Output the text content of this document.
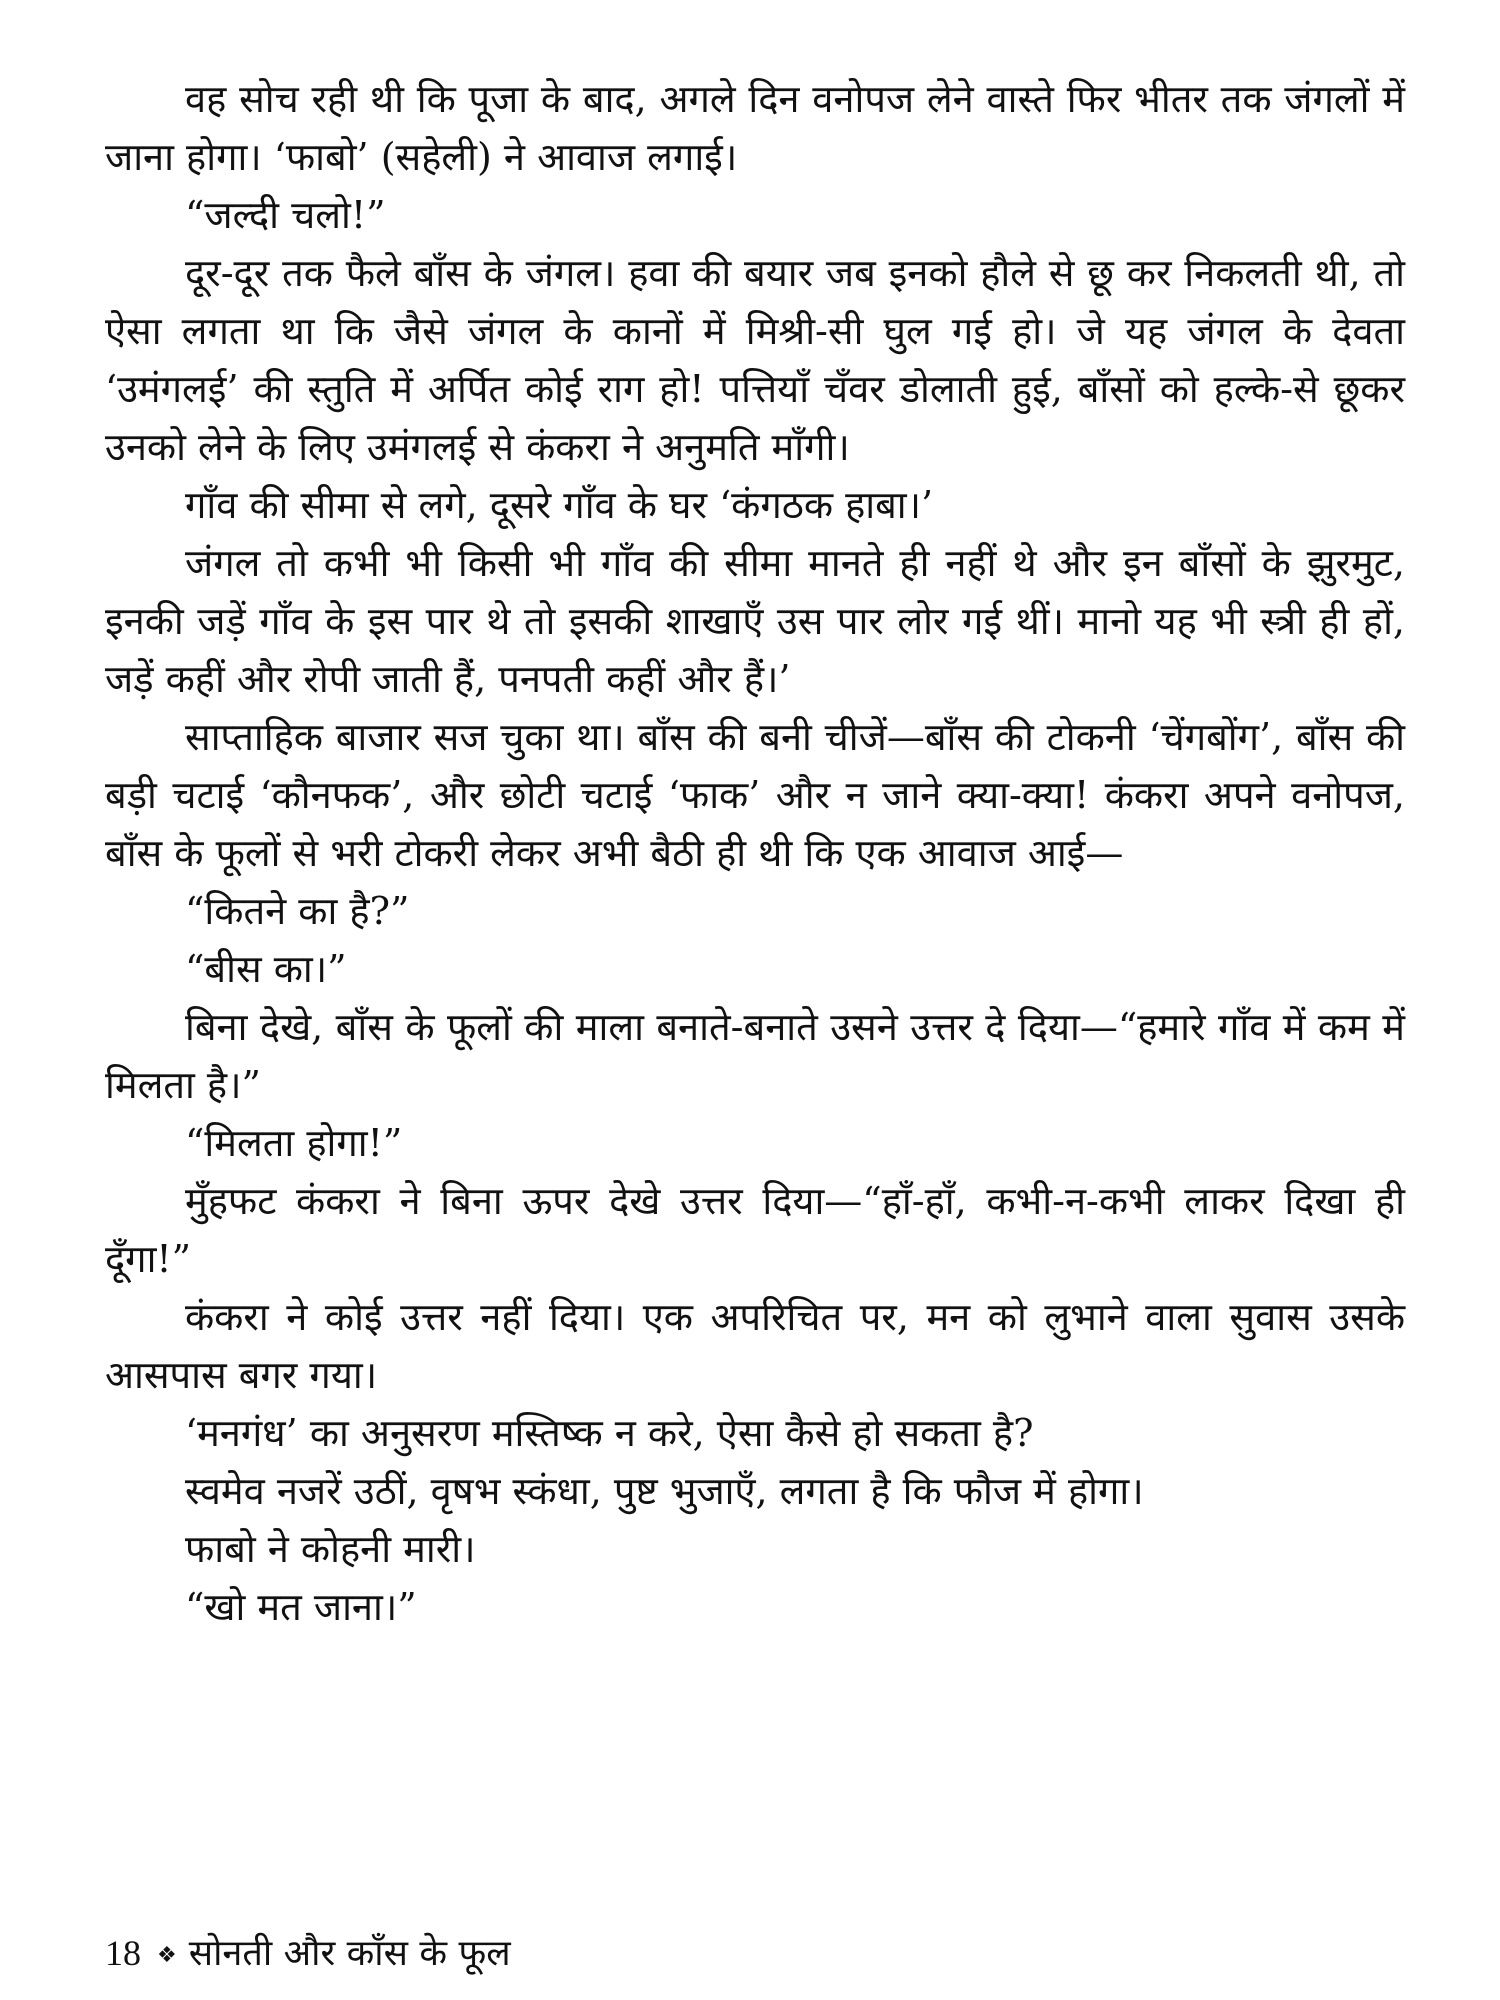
वह सोच रही थी कि पूजा के बाद, अगले दिन वनोपज लेने वास्ते फिर भीतर तक जंगलों में जाना होगा। ‘फाबो’ (सहेली) ने आवाज लगाई।

“जल्दी चलो!”

दूर-दूर तक फैले बाँस के जंगल। हवा की बयार जब इनको हौले से छू कर निकलती थी, तो ऐसा लगता था कि जैसे जंगल के कानों में मिश्री-सी घुल गई हो। जे यह जंगल के देवता ‘उमंगलई’ की स्तुति में अर्पित कोई राग हो! पत्तियाँ चँवर डोलाती हुई, बाँसों को हल्के-से छूकर उनको लेने के लिए उमंगलई से कंकरा ने अनुमति माँगी।

गाँव की सीमा से लगे, दूसरे गाँव के घर ‘कंगठक हाबा।’

जंगल तो कभी भी किसी भी गाँव की सीमा मानते ही नहीं थे और इन बाँसों के झुरमुट, इनकी जड़ें गाँव के इस पार थे तो इसकी शाखाएँ उस पार लोर गई थीं। मानो यह भी स्त्री ही हों, जड़ें कहीं और रोपी जाती हैं, पनपती कहीं और हैं।’

साप्ताहिक बाजार सज चुका था। बाँस की बनी चीजें—बाँस की टोकनी ‘चेंगबोंग’, बाँस की बड़ी चटाई ‘कौनफक’, और छोटी चटाई ‘फाक’ और न जाने क्या-क्या! कंकरा अपने वनोपज, बाँस के फूलों से भरी टोकरी लेकर अभी बैठी ही थी कि एक आवाज आई—

“कितने का है?”

“बीस का।”

बिना देखे, बाँस के फूलों की माला बनाते-बनाते उसने उत्तर दे दिया—“हमारे गाँव में कम में मिलता है।”

“मिलता होगा!”

मुँहफट कंकरा ने बिना ऊपर देखे उत्तर दिया—“हाँ-हाँ, कभी-न-कभी लाकर दिखा ही दूँगा!”

कंकरा ने कोई उत्तर नहीं दिया। एक अपरिचित पर, मन को लुभाने वाला सुवास उसके आसपास बगर गया।

‘मनगंध’ का अनुसरण मस्तिष्क न करे, ऐसा कैसे हो सकता है?

स्वमेव नजरें उठीं, वृषभ स्कंधा, पुष्ट भुजाएँ, लगता है कि फौज में होगा।

फाबो ने कोहनी मारी।

“खो मत जाना।”

18 ❖ सोनती और काँस के फूल
